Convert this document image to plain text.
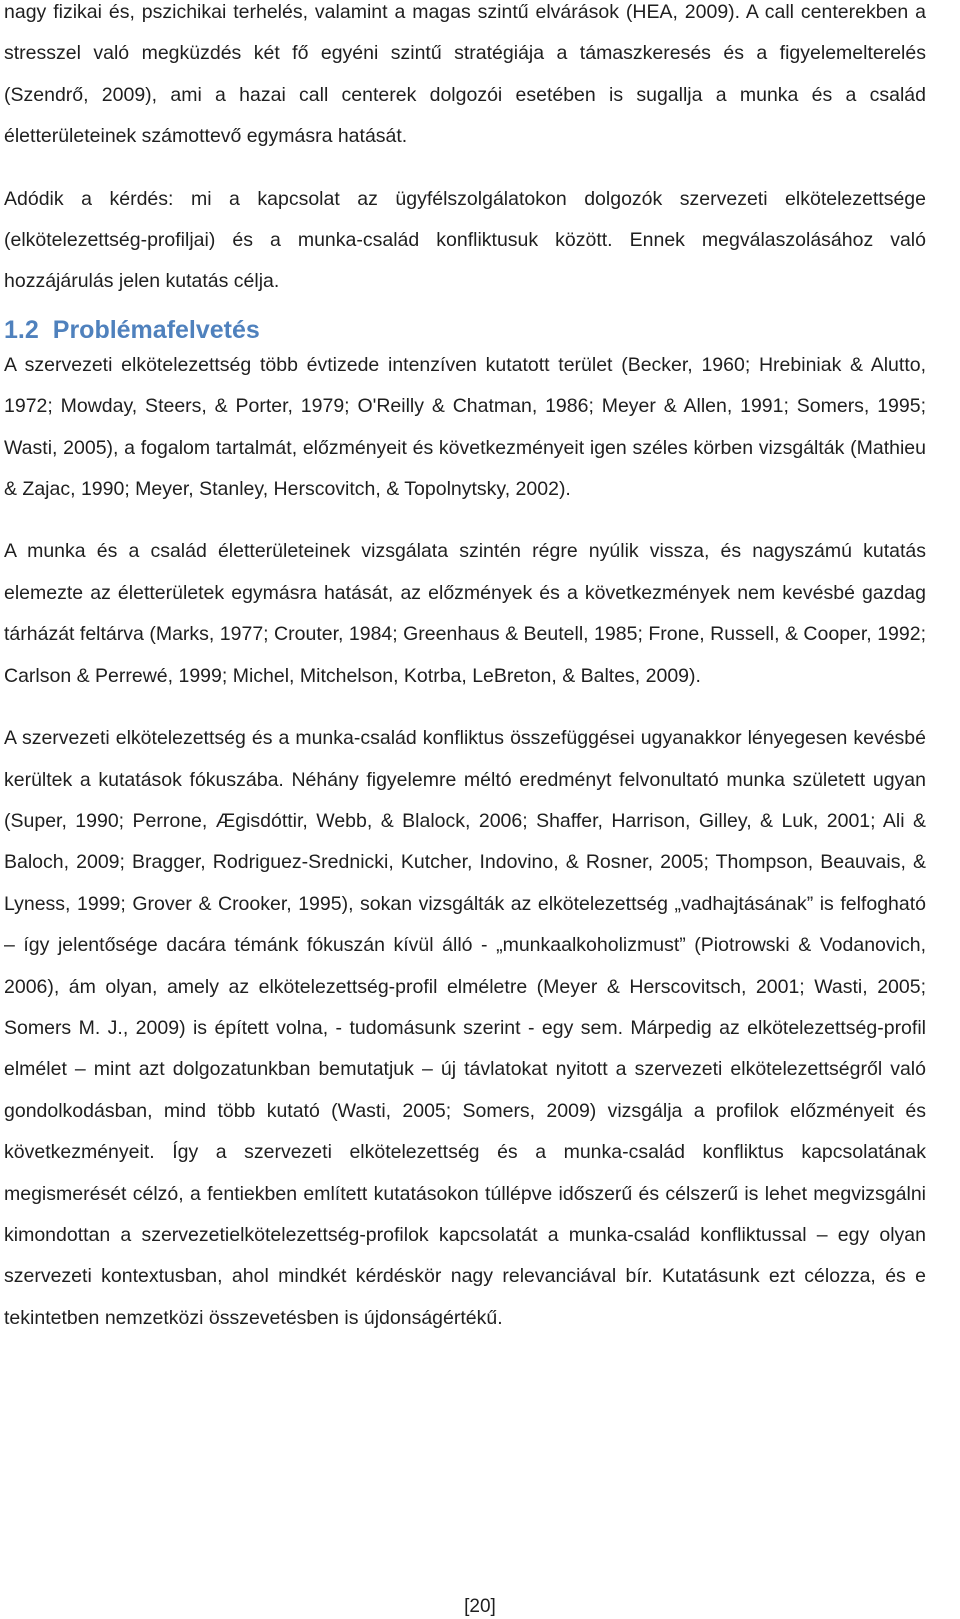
nagy fizikai és, pszichikai terhelés, valamint a magas szintű elvárások (HEA, 2009). A call centerekben a stresszel való megküzdés két fő egyéni szintű stratégiája a támaszkeresés és a figyelemelterelés (Szendrő, 2009), ami a hazai call centerek dolgozói esetében is sugallja a munka és a család életterületeinek számottevő egymásra hatását.

Adódik a kérdés: mi a kapcsolat az ügyfélszolgálatokon dolgozók szervezeti elkötelezettsége (elkötelezettség-profiljai) és a munka-család konfliktusuk között. Ennek megválaszolásához való hozzájárulás jelen kutatás célja.

1.2 Problémafelvetés

A szervezeti elkötelezettség több évtizede intenzíven kutatott terület (Becker, 1960; Hrebiniak & Alutto, 1972; Mowday, Steers, & Porter, 1979; O'Reilly & Chatman, 1986; Meyer & Allen, 1991; Somers, 1995; Wasti, 2005), a fogalom tartalmát, előzményeit és következményeit igen széles körben vizsgálták (Mathieu & Zajac, 1990; Meyer, Stanley, Herscovitch, & Topolnytsky, 2002).

A munka és a család életterületeinek vizsgálata szintén régre nyúlik vissza, és nagyszámú kutatás elemezte az életterületek egymásra hatását, az előzmények és a következmények nem kevésbé gazdag tárházát feltárva (Marks, 1977; Crouter, 1984; Greenhaus & Beutell, 1985; Frone, Russell, & Cooper, 1992; Carlson & Perrewé, 1999; Michel, Mitchelson, Kotrba, LeBreton, & Baltes, 2009).

A szervezeti elkötelezettség és a munka-család konfliktus összefüggései ugyanakkor lényegesen kevésbé kerültek a kutatások fókuszába. Néhány figyelemre méltó eredményt felvonultató munka született ugyan (Super, 1990; Perrone, Ægisdóttir, Webb, & Blalock, 2006; Shaffer, Harrison, Gilley, & Luk, 2001; Ali & Baloch, 2009; Bragger, Rodriguez-Srednicki, Kutcher, Indovino, & Rosner, 2005; Thompson, Beauvais, & Lyness, 1999; Grover & Crooker, 1995), sokan vizsgálták az elkötelezettség „vadhajtásának” is felfogható – így jelentősége dacára témánk fókuszán kívül álló - „munkaalkoholizmust” (Piotrowski & Vodanovich, 2006), ám olyan, amely az elkötelezettség-profil elméletre (Meyer & Herscovitsch, 2001; Wasti, 2005; Somers M. J., 2009) is épített volna, - tudomásunk szerint - egy sem. Márpedig az elkötelezettség-profil elmélet – mint azt dolgozatunkban bemutatjuk – új távlatokat nyitott a szervezeti elkötelezettségről való gondolkodásban, mind több kutató (Wasti, 2005; Somers, 2009) vizsgálja a profilok előzményeit és következményeit. Így a szervezeti elkötelezettség és a munka-család konfliktus kapcsolatának megismerését célzó, a fentiekben említett kutatásokon túllépve időszerű és célszerű is lehet megvizsgálni kimondottan a szervezetielkötelezettség-profilok kapcsolatát a munka-család konfliktussal – egy olyan szervezeti kontextusban, ahol mindkét kérdéskör nagy relevanciával bír. Kutatásunk ezt célozza, és e tekintetben nemzetközi összevetésben is újdonságértékű.

[20]
